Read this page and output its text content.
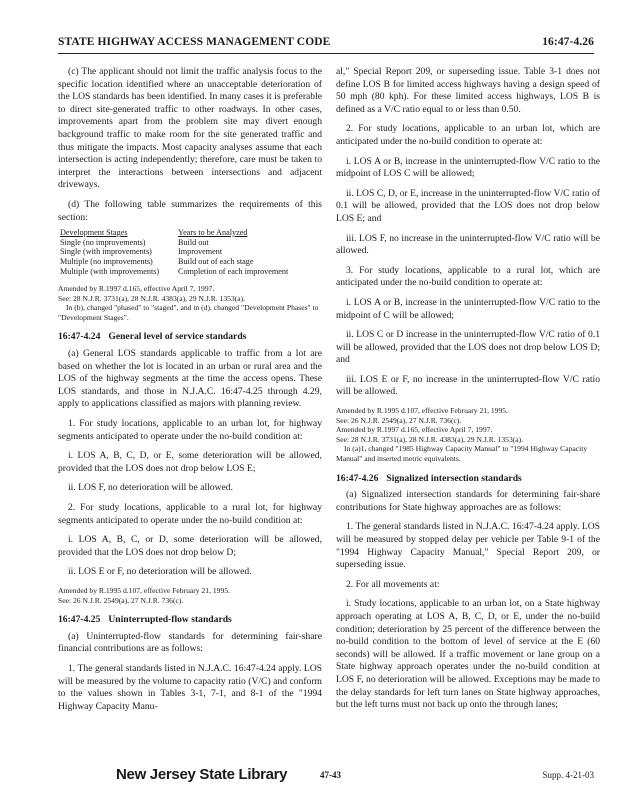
STATE HIGHWAY ACCESS MANAGEMENT CODE	16:47-4.26

(c) The applicant should not limit the traffic analysis focus to the specific location identified where an unacceptable deterioration of the LOS standards has been identified. In many cases it is preferable to direct site-generated traffic to other roadways. In other cases, improvements apart from the problem site may divert enough background traffic to make room for the site generated traffic and thus mitigate the impacts. Most capacity analyses assume that each intersection is acting independently; therefore, care must be taken to interpret the interactions between intersections and adjacent driveways.

(d) The following table summarizes the requirements of this section:

Development Stages	Years to be Analyzed
Single (no improvements)	Build out
Single (with improvements)	Improvement
Multiple (no improvements)	Build out of each stage
Multiple (with improvements)	Completion of each improvement

Amended by R.1997 d.165, effective April 7, 1997.

See: 28 N.J.R. 3731(a), 28 N.J.R. 4383(a), 29 N.J.R. 1353(a).

In (b), changed "phased" to "staged", and in (d), changed "Development Phases" to "Development Stages".

16:47-4.24 General level of service standards

(a) General LOS standards applicable to traffic from a lot are based on whether the lot is located in an urban or rural area and the LOS of the highway segments at the time the access opens. These LOS standards, and those in N.J.A.C. 16:47-4.25 through 4.29, apply to applications classified as majors with planning review.

1. For study locations, applicable to an urban lot, for highway segments anticipated to operate under the no-build condition at:

i. LOS A, B, C, D, or E, some deterioration will be allowed, provided that the LOS does not drop below LOS E;

ii. LOS F, no deterioration will be allowed.

2. For study locations, applicable to a rural lot, for highway segments anticipated to operate under the no-build condition at:

i. LOS A, B, C, or D, some deterioration will be allowed, provided that the LOS does not drop below D;

ii. LOS E or F, no deterioration will be allowed.

Amended by R.1995 d.107, effective February 21, 1995.

See: 26 N.J.R. 2549(a), 27 N.J.R. 736(c).

16:47-4.25 Uninterrupted-flow standards

(a) Uninterrupted-flow standards for determining fair-share financial contributions are as follows:

1. The general standards listed in N.J.A.C. 16:47-4.24 apply. LOS will be measured by the volume to capacity ratio (V/C) and conform to the values shown in Tables 3-1, 7-1, and 8-1 of the "1994 Highway Capacity Manu-

al," Special Report 209, or superseding issue. Table 3-1 does not define LOS B for limited access highways having a design speed of 50 mph (80 kph). For these limited access highways, LOS B is defined as a V/C ratio equal to or less than 0.50.

2. For study locations, applicable to an urban lot, which are anticipated under the no-build condition to operate at:

i. LOS A or B, increase in the uninterrupted-flow V/C ratio to the midpoint of LOS C will be allowed;

ii. LOS C, D, or E, increase in the uninterrupted-flow V/C ratio of 0.1 will be allowed, provided that the LOS does not drop below LOS E; and

iii. LOS F, no increase in the uninterrupted-flow V/C ratio will be allowed.

3. For study locations, applicable to a rural lot, which are anticipated under the no-build condition to operate at:

i. LOS A or B, increase in the uninterrupted-flow V/C ratio to the midpoint of C will be allowed;

ii. LOS C or D increase in the uninterrupted-flow V/C ratio of 0.1 will be allowed, provided that the LOS does not drop below LOS D; and

iii. LOS E or F, no increase in the uninterrupted-flow V/C ratio will be allowed.

Amended by R.1995 d.107, effective February 21, 1995.

See: 26 N.J.R. 2549(a), 27 N.J.R. 736(c).

Amended by R.1997 d.165, effective April 7, 1997.

See: 28 N.J.R. 3731(a), 28 N.J.R. 4383(a), 29 N.J.R. 1353(a).

In (a)1, changed "1985 Highway Capacity Manual" to "1994 Highway Capacity Manual" and inserted metric equivalents.

16:47-4.26 Signalized intersection standards

(a) Signalized intersection standards for determining fair-share contributions for State highway approaches are as follows:

1. The general standards listed in N.J.A.C. 16:47-4.24 apply. LOS will be measured by stopped delay per vehicle per Table 9-1 of the "1994 Highway Capacity Manual," Special Report 209, or superseding issue.

2. For all movements at:

i. Study locations, applicable to an urban lot, on a State highway approach operating at LOS A, B, C, D, or E, under the no-build condition; deterioration by 25 percent of the difference between the no-build condition to the bottom of level of service at the E (60 seconds) will be allowed. If a traffic movement or lane group on a State highway approach operates under the no-build condition at LOS F, no deterioration will be allowed. Exceptions may be made to the delay standards for left turn lanes on State highway approaches, but the left turns must not back up onto the through lanes;

New Jersey State Library	47-43	Supp. 4-21-03
